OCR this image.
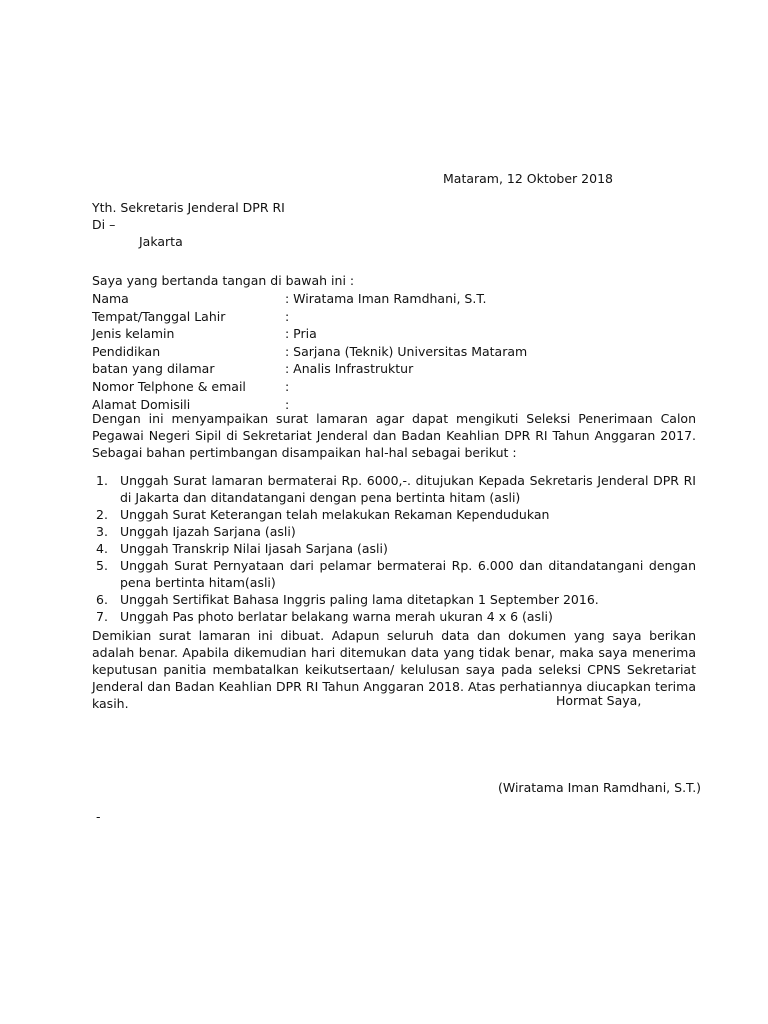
Mataram, 12 Oktober 2018
Yth. Sekretaris Jenderal DPR RI
Di –
Jakarta
Saya yang bertanda tangan di bawah ini :
Nama	: Wiratama Iman Ramdhani, S.T.
Tempat/Tanggal Lahir	:
Jenis kelamin	: Pria
Pendidikan	: Sarjana (Teknik) Universitas Mataram
batan yang dilamar	: Analis Infrastruktur
Nomor Telphone & email	:
Alamat Domisili	:

Dengan ini menyampaikan surat lamaran agar dapat mengikuti Seleksi Penerimaan Calon Pegawai Negeri Sipil di Sekretariat Jenderal dan Badan Keahlian DPR RI Tahun Anggaran 2017. Sebagai bahan pertimbangan disampaikan hal-hal sebagai berikut :

1. Unggah Surat lamaran bermaterai Rp. 6000,-. ditujukan Kepada Sekretaris Jenderal DPR RI di Jakarta dan ditandatangani dengan pena bertinta hitam (asli)
2. Unggah Surat Keterangan telah melakukan Rekaman Kependudukan
3. Unggah Ijazah Sarjana (asli)
4. Unggah Transkrip Nilai Ijasah Sarjana (asli)
5. Unggah Surat Pernyataan dari pelamar bermaterai Rp. 6.000 dan ditandatangani dengan pena bertinta hitam(asli)
6. Unggah Sertifikat Bahasa Inggris paling lama ditetapkan 1 September 2016.
7. Unggah Pas photo berlatar belakang warna merah ukuran 4 x 6 (asli)

Demikian surat lamaran ini dibuat. Adapun seluruh data dan dokumen yang saya berikan adalah benar. Apabila dikemudian hari ditemukan data yang tidak benar, maka saya menerima keputusan panitia membatalkan keikutsertaan/ kelulusan saya pada seleksi CPNS Sekretariat Jenderal dan Badan Keahlian DPR RI Tahun Anggaran 2018. Atas perhatiannya diucapkan terima kasih.	Hormat Saya,
(Wiratama Iman Ramdhani, S.T.)
-
